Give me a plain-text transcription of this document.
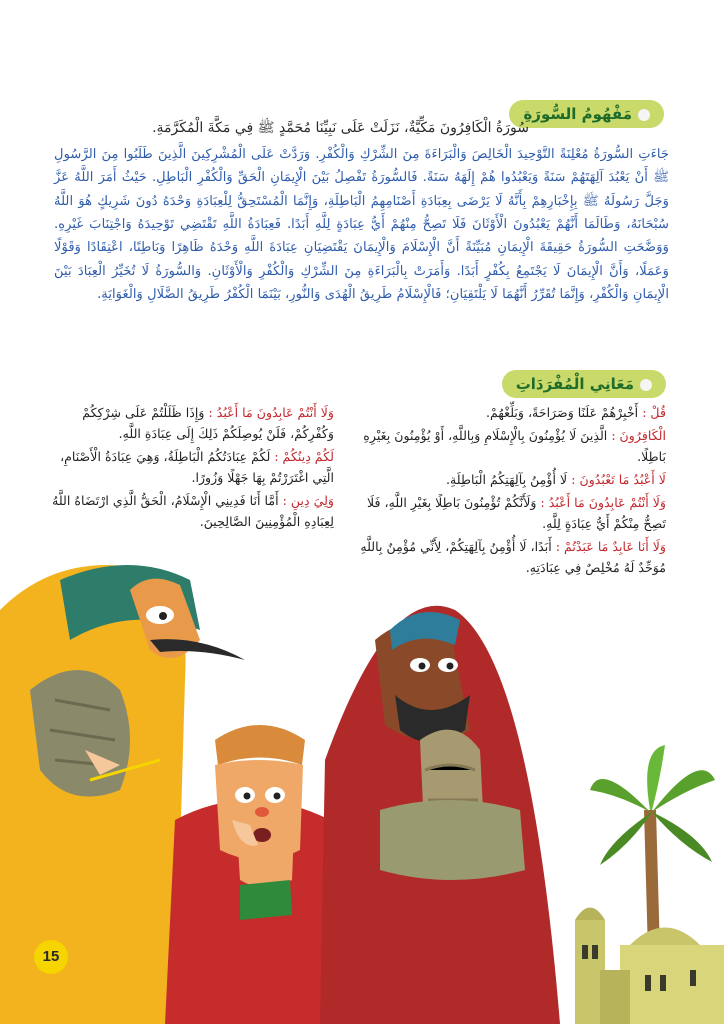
مَفْهُومُ السُّورَةِ

سُورَةُ الْكَافِرُونَ مَكِّيَّةٌ، نَزَلَتْ عَلَى نَبِيِّنَا مُحَمَّدٍ ﷺ فِي مَكَّةَ الْمُكَرَّمَةِ.

جَاءَتِ السُّورَةُ مُعْلِنَةً التَّوْحِيدَ الْخَالِصَ وَالْبَرَاءَةَ مِنَ الشِّرْكِ وَالْكُفْرِ. وَرَدَّتْ عَلَى الْمُشْرِكِينَ الَّذِينَ طَلَبُوا مِنَ الرَّسُولِ ﷺ أَنْ يَعْبُدَ آلِهَتَهُمْ سَنَةً وَيَعْبُدُوا هُمْ إِلَهَهُ سَنَةً. فَالسُّورَةُ تَفْصِلُ بَيْنَ الْإِيمَانِ الْحَقِّ وَالْكُفْرِ الْبَاطِلِ. حَيْثُ أَمَرَ اللَّهُ عَزَّ وَجَلَّ رَسُولَهُ ﷺ بِإِخْبَارِهِمْ بِأَنَّهُ لَا يَرْضَى بِعِبَادَةِ أَصْنَامِهِمُ الْبَاطِلَةِ، وَإِنَّمَا الْمُسْتَحِقُّ لِلْعِبَادَةِ وَحْدَهُ دُونَ شَرِيكٍ هُوَ اللَّهُ سُبْحَانَهُ، وَطَالَمَا أَنَّهُمْ يَعْبُدُونَ الْأَوْثَانَ فَلَا تَصِحُّ مِنْهُمْ أَيُّ عِبَادَةٍ لِلَّهِ أَبَدًا. فَعِبَادَةُ اللَّهِ تَقْتَضِي تَوْحِيدَهُ وَاجْتِنَابَ غَيْرِهِ. وَوَضَّحَتِ السُّورَةُ حَقِيقَةَ الْإِيمَانِ مُبَيِّنَةً أَنَّ الْإِسْلَامَ وَالْإِيمَانَ يَقْتَضِيَانِ عِبَادَةَ اللَّهِ وَحْدَهُ ظَاهِرًا وَبَاطِنًا، اعْتِقَادًا وَقَوْلًا وَعَمَلًا، وَأَنَّ الْإِيمَانَ لَا يَجْتَمِعُ بِكُفْرٍ أَبَدًا. وَأَمَرَتْ بِالْبَرَاءَةِ مِنَ الشِّرْكِ وَالْكُفْرِ وَالْأَوْثَانِ. وَالسُّورَةُ لَا تُخَيِّرُ الْعِبَادَ بَيْنَ الْإِيمَانِ وَالْكُفْرِ، وَإِنَّمَا تُقَرِّرُ أَنَّهُمَا لَا يَلْتَقِيَانِ؛ فَالْإِسْلَامُ طَرِيقُ الْهُدَى وَالنُّورِ، بَيْنَمَا الْكُفْرُ طَرِيقُ الضَّلَالِ وَالْغَوَايَةِ.

مَعَانِي الْمُفْرَدَاتِ

قُلْ : أَخْبِرْهُمْ عَلَنًا وَصَرَاحَةً، وَبَلِّغْهُمْ.

الْكَافِرُونَ : الَّذِينَ لَا يُؤْمِنُونَ بِالْإِسْلَامِ وَبِاللَّهِ، أَوْ يُؤْمِنُونَ بِغَيْرِهِ بَاطِلًا.

لَا أَعْبُدُ مَا تَعْبُدُونَ : لَا أُؤْمِنُ بِآلِهَتِكُمُ الْبَاطِلَةِ.

وَلَا أَنْتُمْ عَابِدُونَ مَا أَعْبُدُ : وَلَأَنَّكُمْ تُؤْمِنُونَ بَاطِلًا بِغَيْرِ اللَّهِ، فَلَا تَصِحُّ مِنْكُمْ أَيُّ عِبَادَةٍ لِلَّهِ.

وَلَا أَنَا عَابِدٌ مَا عَبَدْتُمْ : أَبَدًا، لَا أُؤْمِنُ بِآلِهَتِكُمْ، لِأَنِّي مُؤْمِنٌ بِاللَّهِ مُوَحِّدٌ لَهُ مُخْلِصٌ فِي عِبَادَتِهِ.

وَلَا أَنْتُمْ عَابِدُونَ مَا أَعْبُدُ : وَإِذَا ظَلَلْتُمْ عَلَى شِرْكِكُمْ وَكُفْرِكُمْ، فَلَنْ يُوصِلَكُمْ ذَلِكَ إِلَى عِبَادَةِ اللَّهِ.

لَكُمْ دِينُكُمْ : لَكُمْ عِبَادَتُكُمُ الْبَاطِلَةُ، وَهِيَ عِبَادَةُ الْأَصْنَامِ، الَّتِي اغْتَرَرْتُمْ بِهَا جَهْلًا وَزُورًا.

وَلِيَ دِينِ : أَمَّا أَنَا فَدِينِي الْإِسْلَامُ، الْحَقُّ الَّذِي ارْتَضَاهُ اللَّهُ لِعِبَادِهِ الْمُؤْمِنِينَ الصَّالِحِينَ.

15
